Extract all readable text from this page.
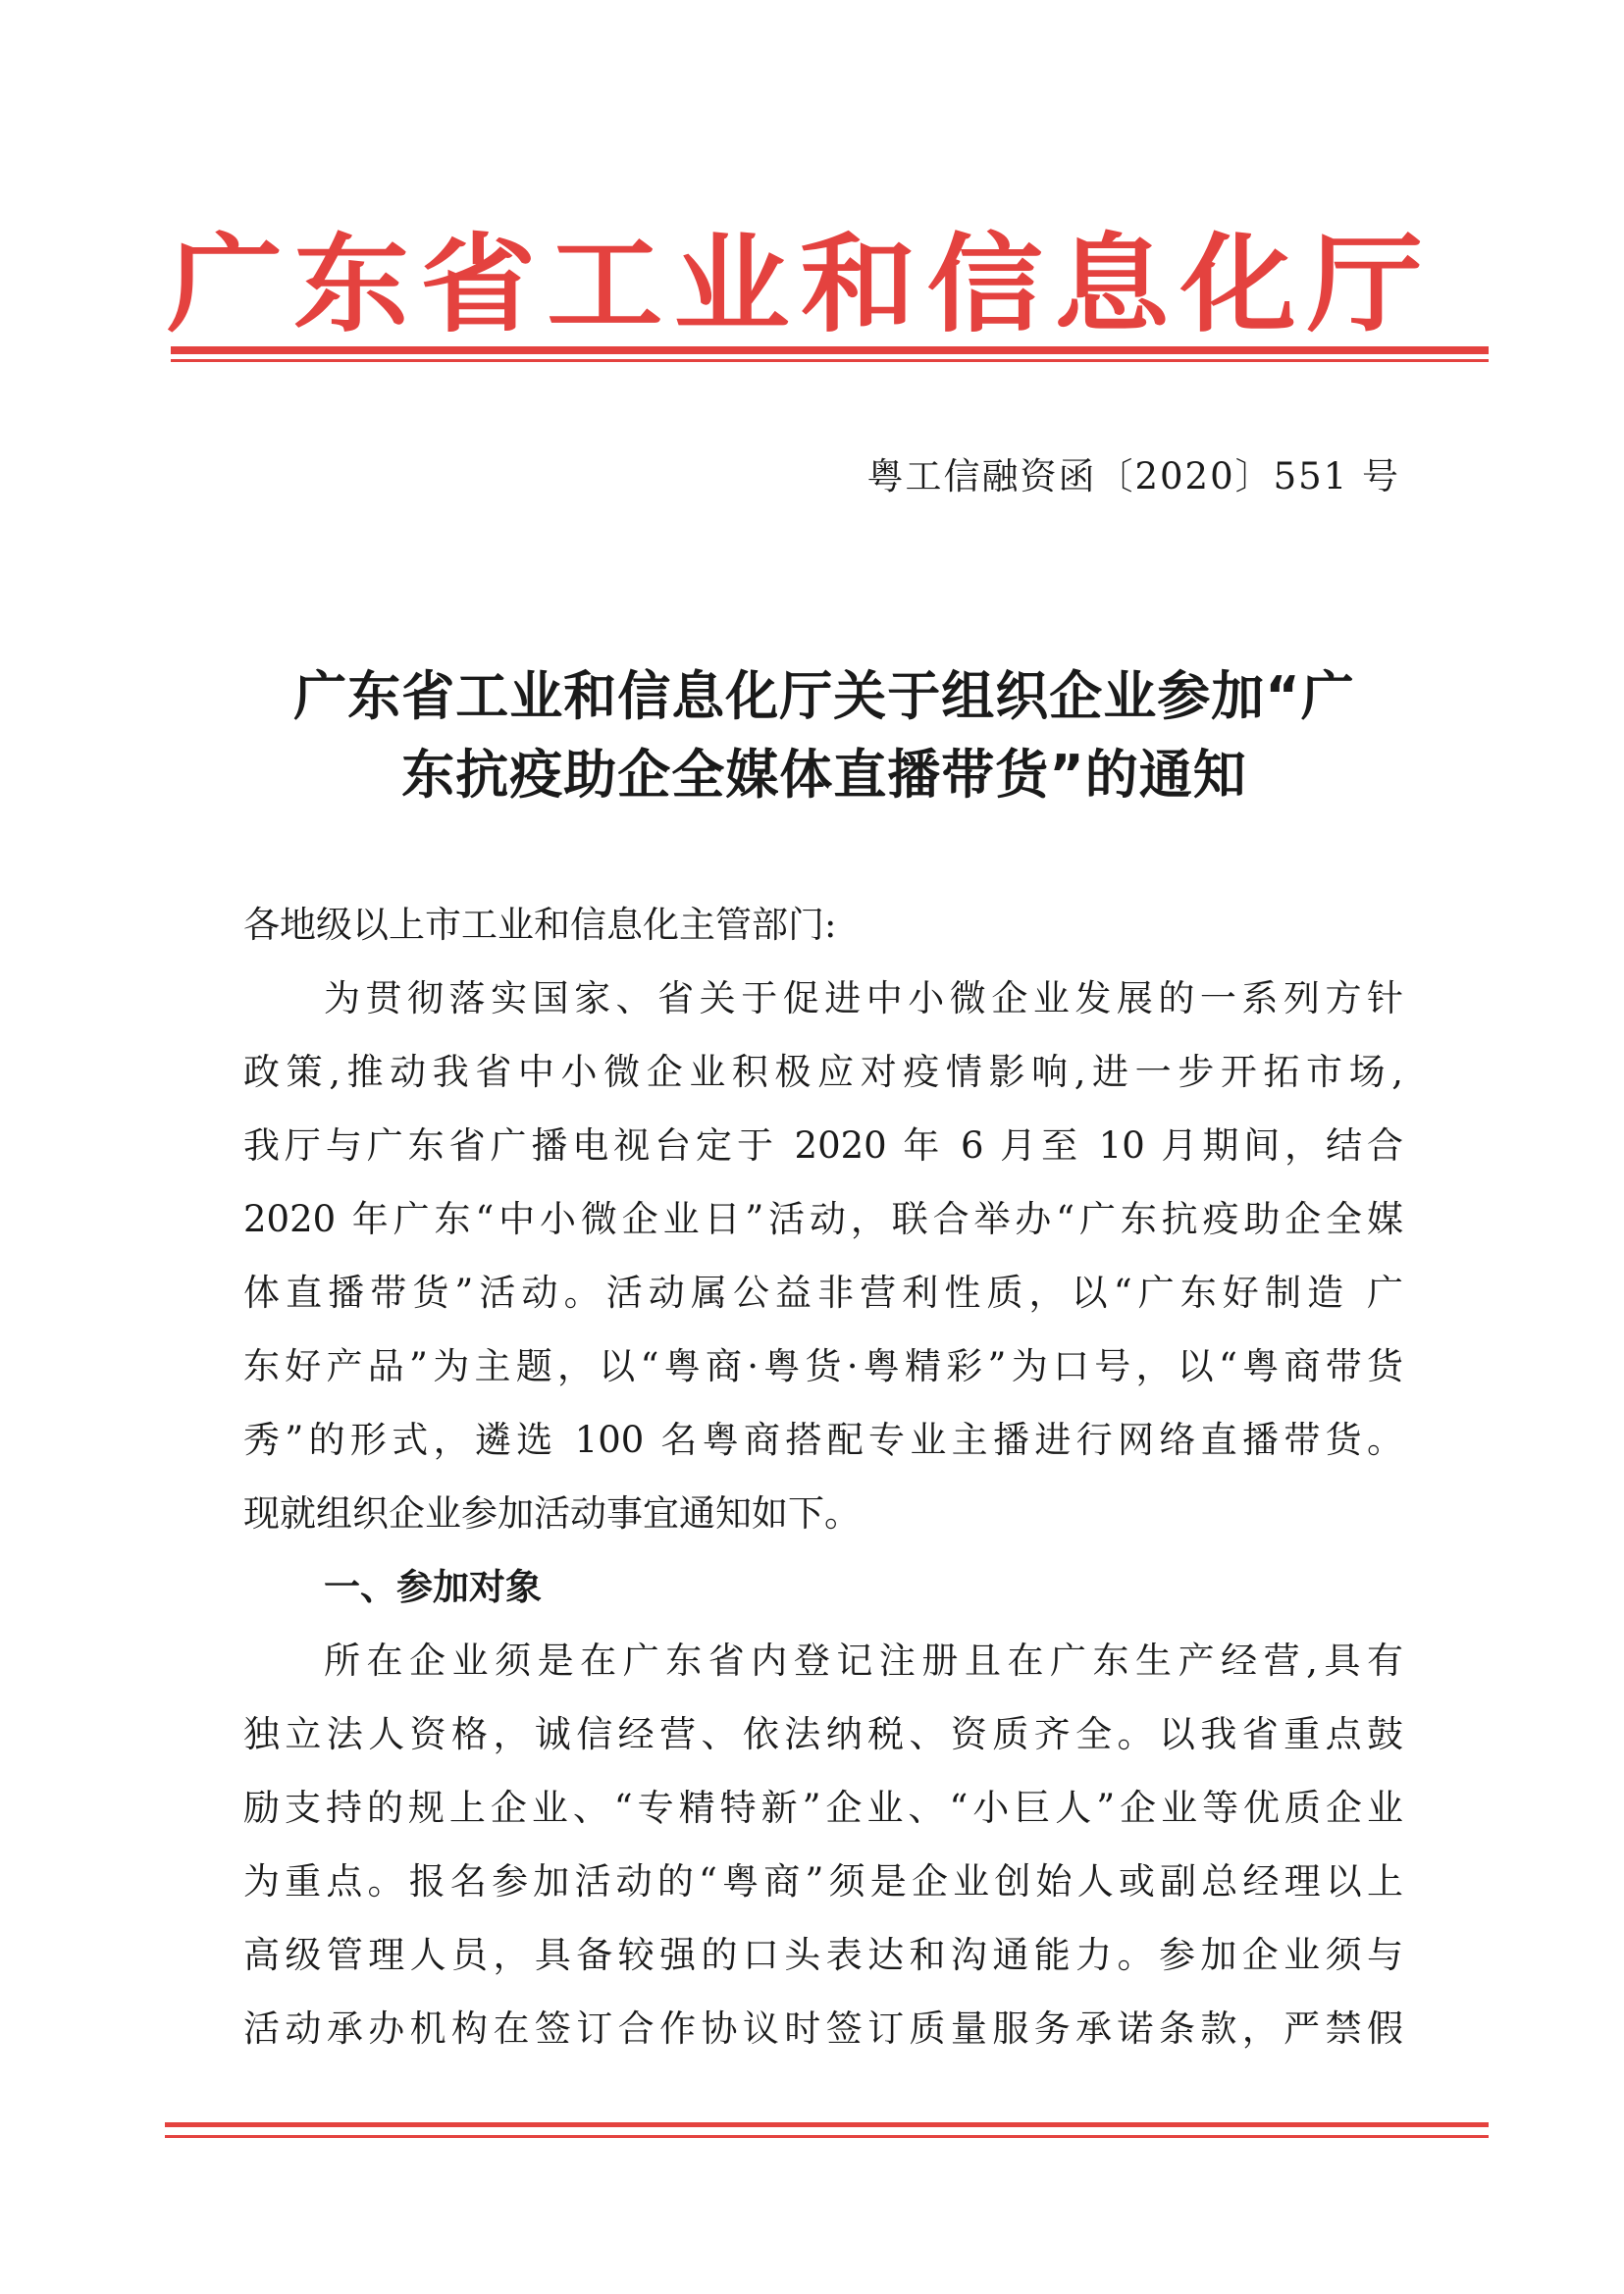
广 东 省 工 业 和 信 息 化 厅
粤工信融资函〔2020〕551 号
广东省工业和信息化厅关于组织企业参加“广
东抗疫助企全媒体直播带货”的通知
各地级以上市工业和信息化主管部门:
为贯彻落实国家、省关于促进中小微企业发展的一系列方针
政策,推动我省中小微企业积极应对疫情影响,进一步开拓市场,
我厅与广东省广播电视台定于 2020 年 6 月至 10 月期间，结合
2020 年广东“中小微企业日”活动，联合举办“广东抗疫助企全媒
体直播带货”活动。活动属公益非营利性质，以“广东好制造 广
东好产品”为主题，以“粤商·粤货·粤精彩”为口号，以“粤商带货
秀”的形式，遴选 100 名粤商搭配专业主播进行网络直播带货。
现就组织企业参加活动事宜通知如下。
一、参加对象
所在企业须是在广东省内登记注册且在广东生产经营,具有
独立法人资格，诚信经营、依法纳税、资质齐全。以我省重点鼓
励支持的规上企业、“专精特新”企业、“小巨人”企业等优质企业
为重点。报名参加活动的“粤商”须是企业创始人或副总经理以上
高级管理人员，具备较强的口头表达和沟通能力。参加企业须与
活动承办机构在签订合作协议时签订质量服务承诺条款，严禁假
